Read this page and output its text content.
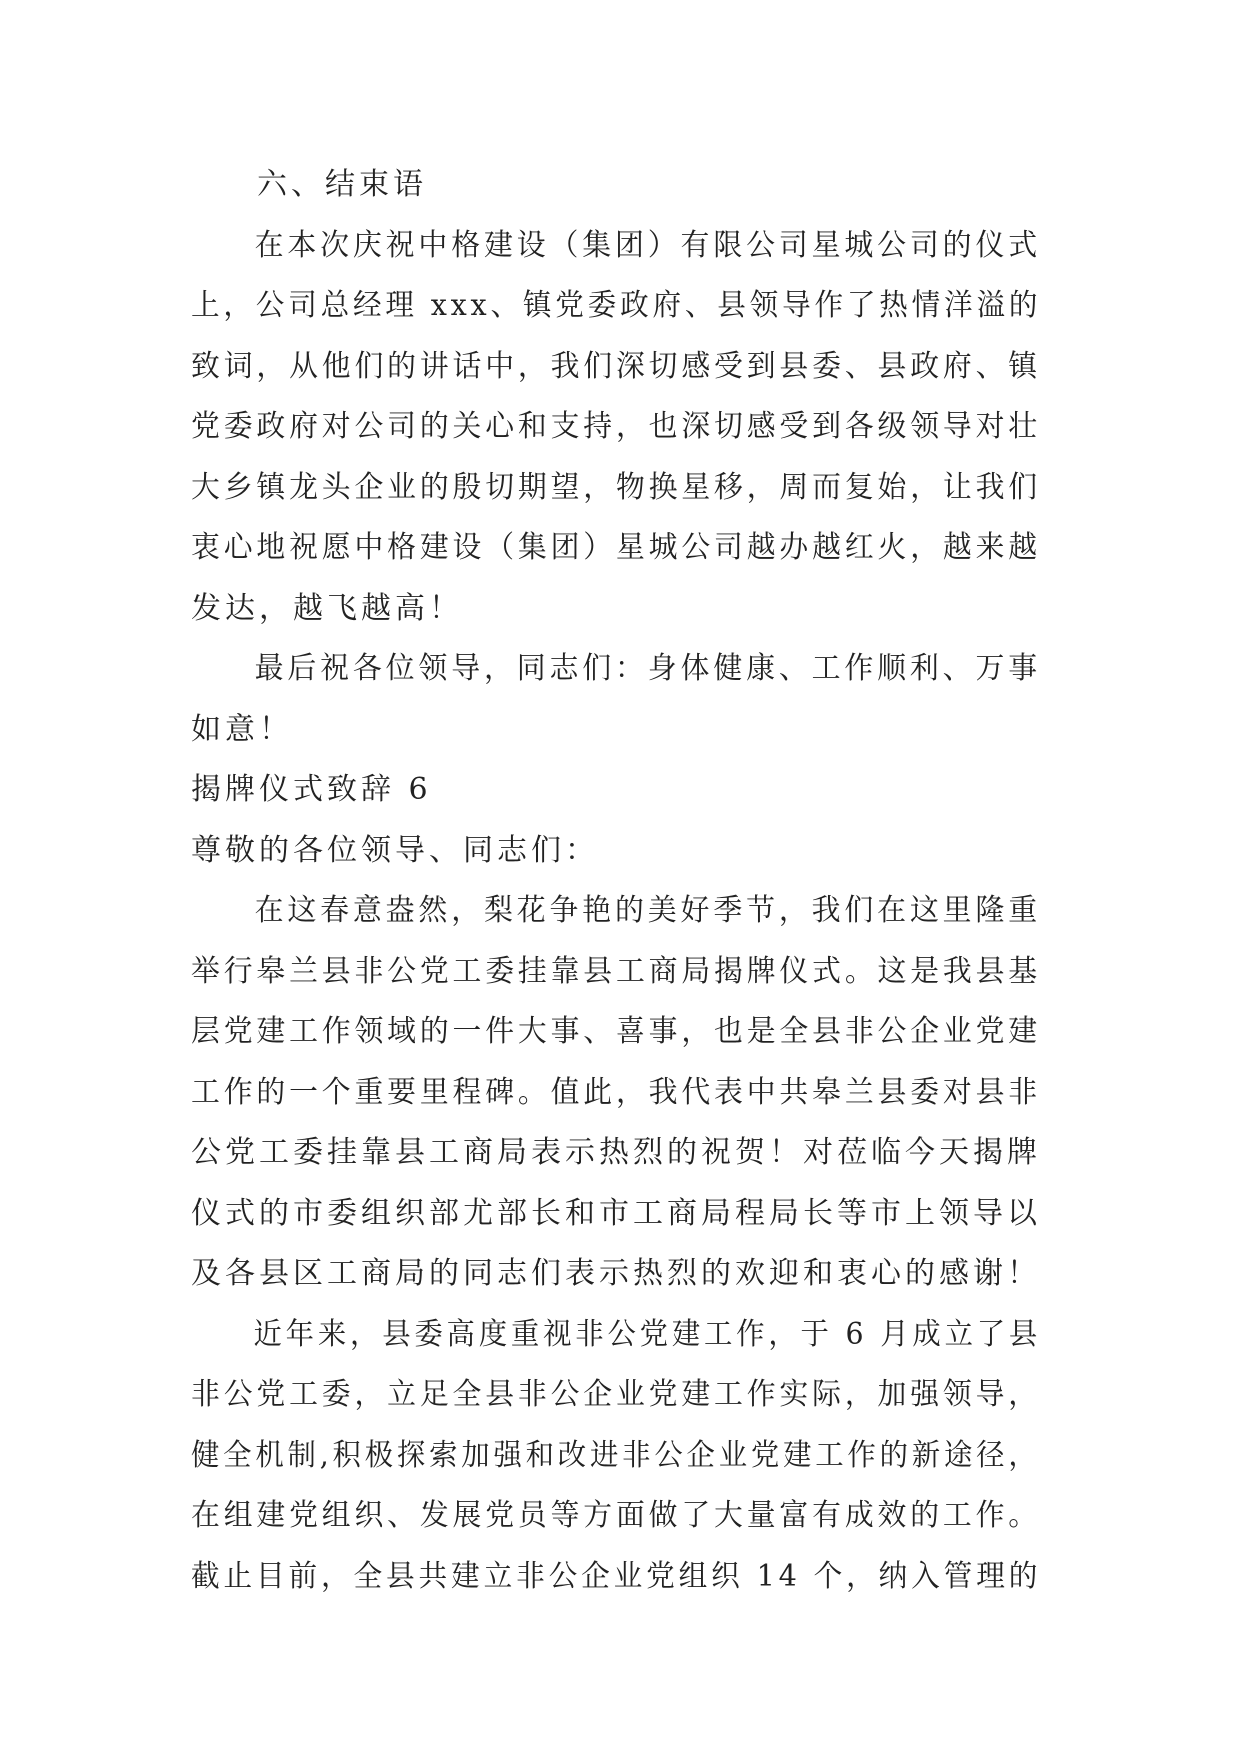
六、结束语
在本次庆祝中格建设（集团）有限公司星城公司的仪式
上，公司总经理 xxx、镇党委政府、县领导作了热情洋溢的
致词，从他们的讲话中，我们深切感受到县委、县政府、镇
党委政府对公司的关心和支持，也深切感受到各级领导对壮
大乡镇龙头企业的殷切期望，物换星移，周而复始，让我们
衷心地祝愿中格建设（集团）星城公司越办越红火，越来越
发达，越飞越高！
最后祝各位领导，同志们：身体健康、工作顺利、万事
如意！
揭牌仪式致辞 6
尊敬的各位领导、同志们：
在这春意盎然，梨花争艳的美好季节，我们在这里隆重
举行皋兰县非公党工委挂靠县工商局揭牌仪式。这是我县基
层党建工作领域的一件大事、喜事，也是全县非公企业党建
工作的一个重要里程碑。值此，我代表中共皋兰县委对县非
公党工委挂靠县工商局表示热烈的祝贺！对莅临今天揭牌
仪式的市委组织部尤部长和市工商局程局长等市上领导以
及各县区工商局的同志们表示热烈的欢迎和衷心的感谢！
近年来，县委高度重视非公党建工作，于 6 月成立了县
非公党工委，立足全县非公企业党建工作实际，加强领导，
健全机制,积极探索加强和改进非公企业党建工作的新途径，
在组建党组织、发展党员等方面做了大量富有成效的工作。
截止目前，全县共建立非公企业党组织 14 个，纳入管理的
